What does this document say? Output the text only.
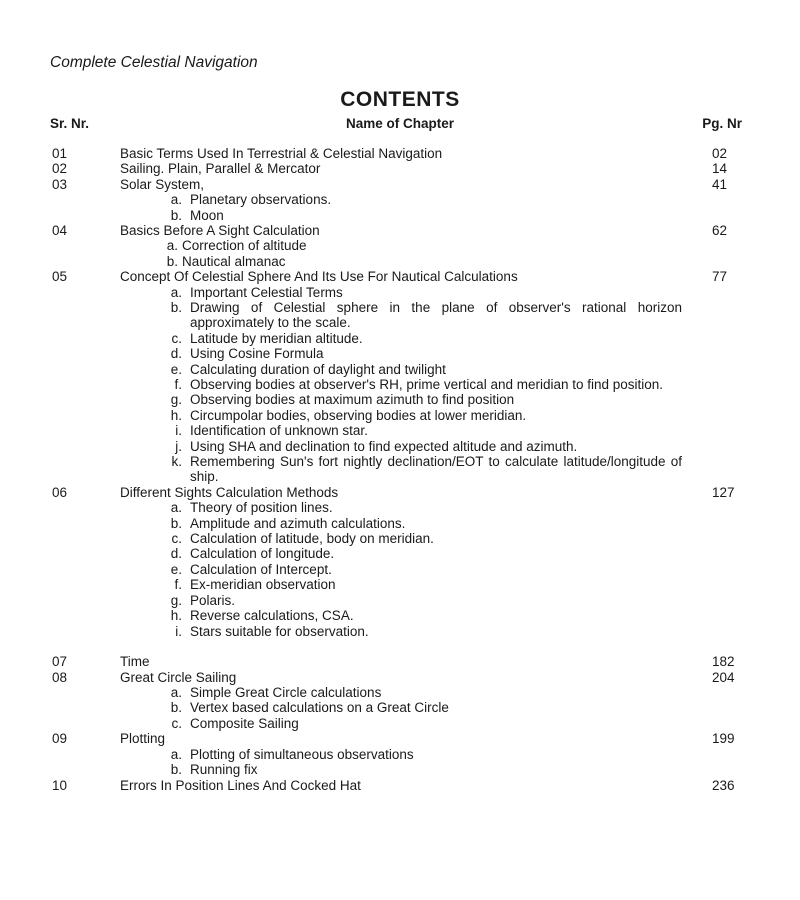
Complete Celestial Navigation
CONTENTS
Sr. Nr.	Name of Chapter	Pg. Nr
01	Basic Terms Used In Terrestrial & Celestial Navigation	02
02	Sailing. Plain, Parallel & Mercator	14
03	Solar System,	41
a. Planetary observations.
b. Moon
04	Basics Before A Sight Calculation	62
a. Correction of altitude
b. Nautical almanac
05	Concept Of Celestial Sphere And Its Use For Nautical Calculations	77
a. Important Celestial Terms
b. Drawing of Celestial sphere in the plane of observer's rational horizon approximately to the scale.
c. Latitude by meridian altitude.
d. Using Cosine Formula
e. Calculating duration of daylight and twilight
f. Observing bodies at observer's RH, prime vertical and meridian to find position.
g. Observing bodies at maximum azimuth to find position
h. Circumpolar bodies, observing bodies at lower meridian.
i. Identification of unknown star.
j. Using SHA and declination to find expected altitude and azimuth.
k. Remembering Sun's fort nightly declination/EOT to calculate latitude/longitude of ship.
06	Different Sights Calculation Methods	127
a. Theory of position lines.
b. Amplitude and azimuth calculations.
c. Calculation of latitude, body on meridian.
d. Calculation of longitude.
e. Calculation of Intercept.
f. Ex-meridian observation
g. Polaris.
h. Reverse calculations, CSA.
i. Stars suitable for observation.
07	Time	182
08	Great Circle Sailing	204
a. Simple Great Circle calculations
b. Vertex based calculations on a Great Circle
c. Composite Sailing
09	Plotting	199
a. Plotting of simultaneous observations
b. Running fix
10	Errors In Position Lines And Cocked Hat	236
